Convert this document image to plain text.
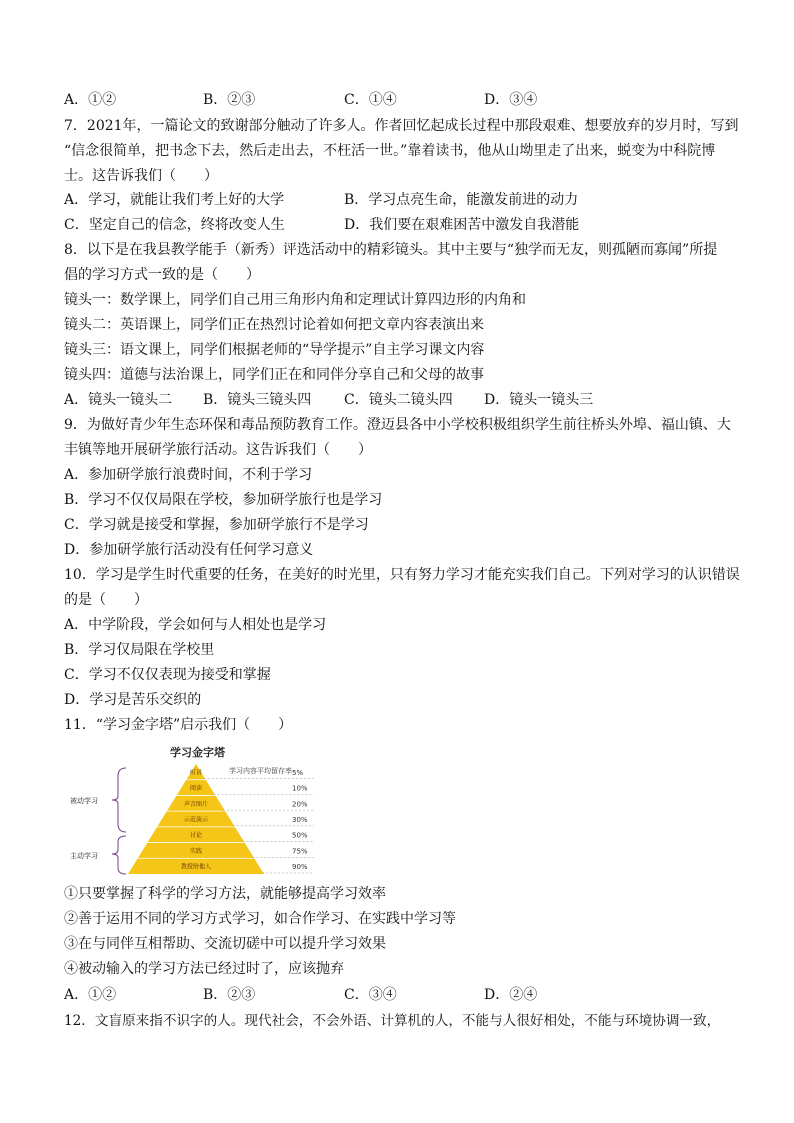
A．①②	B．②③	C．①④	D．③④
7．2021年，一篇论文的致谢部分触动了许多人。作者回忆起成长过程中那段艰难、想要放弃的岁月时，写到
“信念很简单，把书念下去，然后走出去，不枉活一世。”靠着读书，他从山坳里走了出来，蜕变为中科院博
士。这告诉我们（　　）
A．学习，就能让我们考上好的大学	B．学习点亮生命，能激发前进的动力
C．坚定自己的信念，终将改变人生	D．我们要在艰难困苦中激发自我潜能
8．以下是在我县教学能手（新秀）评选活动中的精彩镜头。其中主要与“独学而无友，则孤陋而寡闻”所提
倡的学习方式一致的是（　　）
镜头一：数学课上，同学们自己用三角形内角和定理试计算四边形的内角和
镜头二：英语课上，同学们正在热烈讨论着如何把文章内容表演出来
镜头三：语文课上，同学们根据老师的“导学提示”自主学习课文内容
镜头四：道德与法治课上，同学们正在和同伴分享自己和父母的故事
A．镜头一镜头二 B．镜头三镜头四 C．镜头二镜头四 D．镜头一镜头三
9．为做好青少年生态环保和毒品预防教育工作。澄迈县各中小学校积极组织学生前往桥头外埠、福山镇、大
丰镇等地开展研学旅行活动。这告诉我们（　　）
A．参加研学旅行浪费时间，不利于学习
B．学习不仅仅局限在学校，参加研学旅行也是学习
C．学习就是接受和掌握，参加研学旅行不是学习
D．参加研学旅行活动没有任何学习意义
10．学习是学生时代重要的任务，在美好的时光里，只有努力学习才能充实我们自己。下列对学习的认识错误
的是（　　）
A．中学阶段，学会如何与人相处也是学习
B．学习仅局限在学校里
C．学习不仅仅表现为接受和掌握
D．学习是苦乐交织的
11．“学习金字塔”启示我们（　　）
学习金字塔
学习内容平均留存率
听讲
阅读
声音图片
示范演示
讨论
实践
教授给他人
5%
10%
20%
30%
50%
75%
90%
被动学习
主动学习
①只要掌握了科学的学习方法，就能够提高学习效率
②善于运用不同的学习方式学习，如合作学习、在实践中学习等
③在与同伴互相帮助、交流切磋中可以提升学习效果
④被动输入的学习方法已经过时了，应该抛弃
A．①②	B．②③	C．③④	D．②④
12．文盲原来指不识字的人。现代社会，不会外语、计算机的人，不能与人很好相处，不能与环境协调一致，
